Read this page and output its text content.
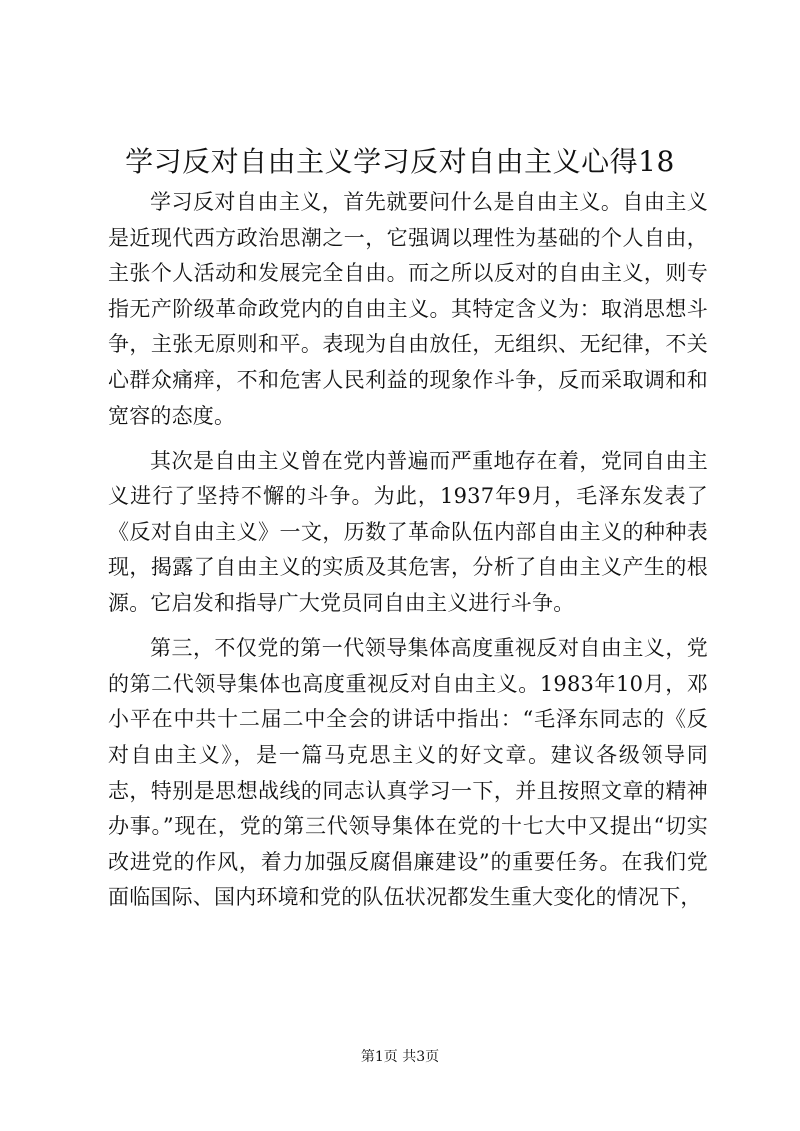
学习反对自由主义学习反对自由主义心得18

学习反对自由主义，首先就要问什么是自由主义。自由主义是近现代西方政治思潮之一，它强调以理性为基础的个人自由，主张个人活动和发展完全自由。而之所以反对的自由主义，则专指无产阶级革命政党内的自由主义。其特定含义为：取消思想斗争，主张无原则和平。表现为自由放任，无组织、无纪律，不关心群众痛痒，不和危害人民利益的现象作斗争，反而采取调和和宽容的态度。

其次是自由主义曾在党内普遍而严重地存在着，党同自由主义进行了坚持不懈的斗争。为此，1937年9月，毛泽东发表了《反对自由主义》一文，历数了革命队伍内部自由主义的种种表现，揭露了自由主义的实质及其危害，分析了自由主义产生的根源。它启发和指导广大党员同自由主义进行斗争。

第三，不仅党的第一代领导集体高度重视反对自由主义，党的第二代领导集体也高度重视反对自由主义。1983年10月，邓小平在中共十二届二中全会的讲话中指出：“毛泽东同志的《反对自由主义》，是一篇马克思主义的好文章。建议各级领导同志，特别是思想战线的同志认真学习一下，并且按照文章的精神办事。”现在，党的第三代领导集体在党的十七大中又提出“切实改进党的作风，着力加强反腐倡廉建设”的重要任务。在我们党面临国际、国内环境和党的队伍状况都发生重大变化的情况下，

第1页 共3页
